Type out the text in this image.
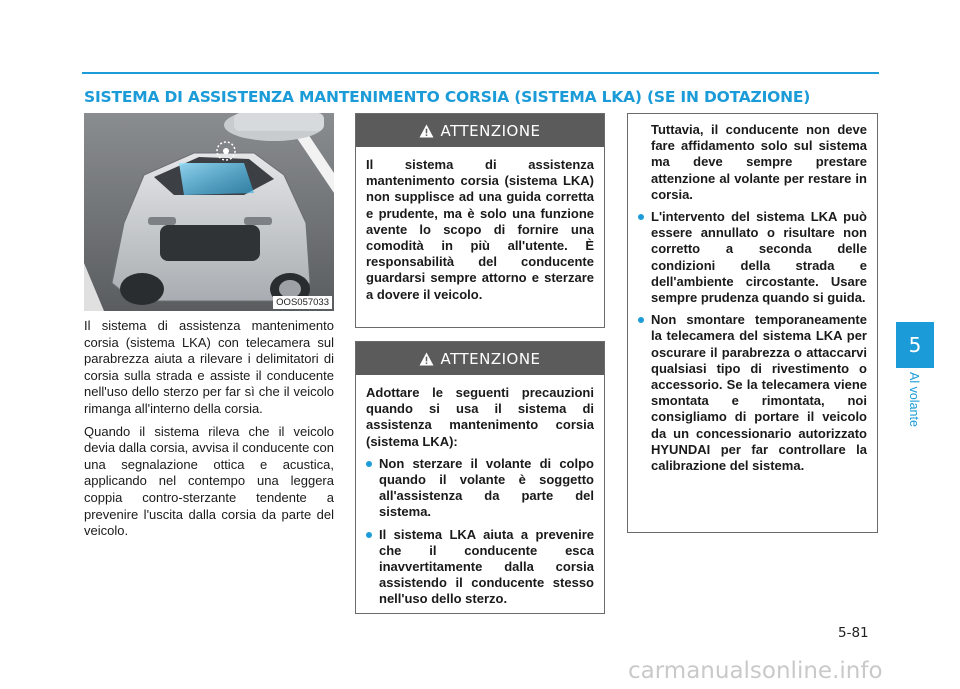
SISTEMA DI ASSISTENZA MANTENIMENTO CORSIA (SISTEMA LKA) (SE IN DOTAZIONE)
OOS057033

Il sistema di assistenza mantenimento corsia (sistema LKA) con telecamera sul parabrezza aiuta a rilevare i delimitatori di corsia sulla strada e assiste il conducente nell'uso dello sterzo per far sì che il veicolo rimanga all'interno della corsia.

Quando il sistema rileva che il veicolo devia dalla corsia, avvisa il conducente con una segnalazione ottica e acustica, applicando nel contempo una leggera coppia contro-sterzante tendente a prevenire l'uscita dalla corsia da parte del veicolo.

ATTENZIONE

Il sistema di assistenza mantenimento corsia (sistema LKA) non supplisce ad una guida corretta e prudente, ma è solo una funzione avente lo scopo di fornire una comodità in più all'utente. È responsabilità del conducente guardarsi sempre attorno e sterzare a dovere il veicolo.

ATTENZIONE

Adottare le seguenti precauzioni quando si usa il sistema di assistenza mantenimento corsia (sistema LKA):

Non sterzare il volante di colpo quando il volante è soggetto all'assistenza da parte del sistema.
Il sistema LKA aiuta a prevenire che il conducente esca inavvertitamente dalla corsia assistendo il conducente stesso nell'uso dello sterzo.
Tuttavia, il conducente non deve fare affidamento solo sul sistema ma deve sempre prestare attenzione al volante per restare in corsia.
L'intervento del sistema LKA può essere annullato o risultare non corretto a seconda delle condizioni della strada e dell'ambiente circostante. Usare sempre prudenza quando si guida.
Non smontare temporaneamente la telecamera del sistema LKA per oscurare il parabrezza o attaccarvi qualsiasi tipo di rivestimento o accessorio. Se la telecamera viene smontata e rimontata, noi consigliamo di portare il veicolo da un concessionario autorizzato HYUNDAI per far controllare la calibrazione del sistema.
5
Al volante
5-81
carmanualsonline.info
